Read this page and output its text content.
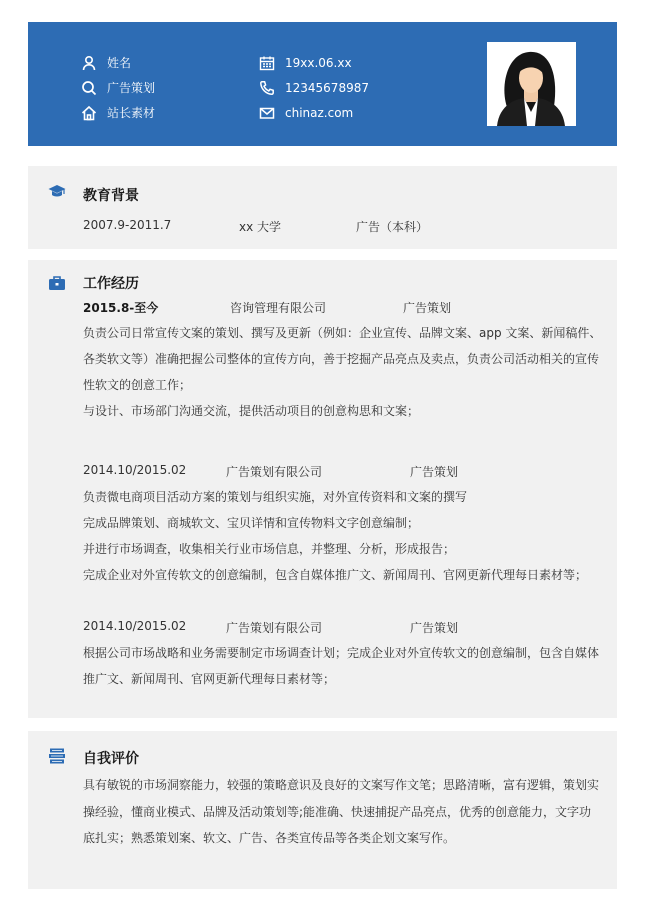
姓名
广告策划
站长素材
19xx.06.xx
12345678987
chinaz.com
教育背景
2007.9-2011.7	xx 大学	广告（本科）
工作经历
2015.8-至今	咨询管理有限公司	广告策划
负责公司日常宣传文案的策划、撰写及更新（例如：企业宣传、品牌文案、app 文案、新闻稿件、各类软文等）准确把握公司整体的宣传方向，善于挖掘产品亮点及卖点，负责公司活动相关的宣传性软文的创意工作；
与设计、市场部门沟通交流，提供活动项目的创意构思和文案；
2014.10/2015.02	广告策划有限公司	广告策划
负责微电商项目活动方案的策划与组织实施，对外宣传资料和文案的撰写
完成品牌策划、商城软文、宝贝详情和宣传物料文字创意编制；
并进行市场调查，收集相关行业市场信息，并整理、分析，形成报告；
完成企业对外宣传软文的创意编制，包含自媒体推广文、新闻周刊、官网更新代理每日素材等；
2014.10/2015.02	广告策划有限公司	广告策划
根据公司市场战略和业务需要制定市场调查计划；完成企业对外宣传软文的创意编制，包含自媒体推广文、新闻周刊、官网更新代理每日素材等；
自我评价
具有敏锐的市场洞察能力，较强的策略意识及良好的文案写作文笔；思路清晰，富有逻辑，策划实操经验，懂商业模式、品牌及活动策划等;能准确、快速捕捉产品亮点，优秀的创意能力，文字功底扎实；熟悉策划案、软文、广告、各类宣传品等各类企划文案写作。
